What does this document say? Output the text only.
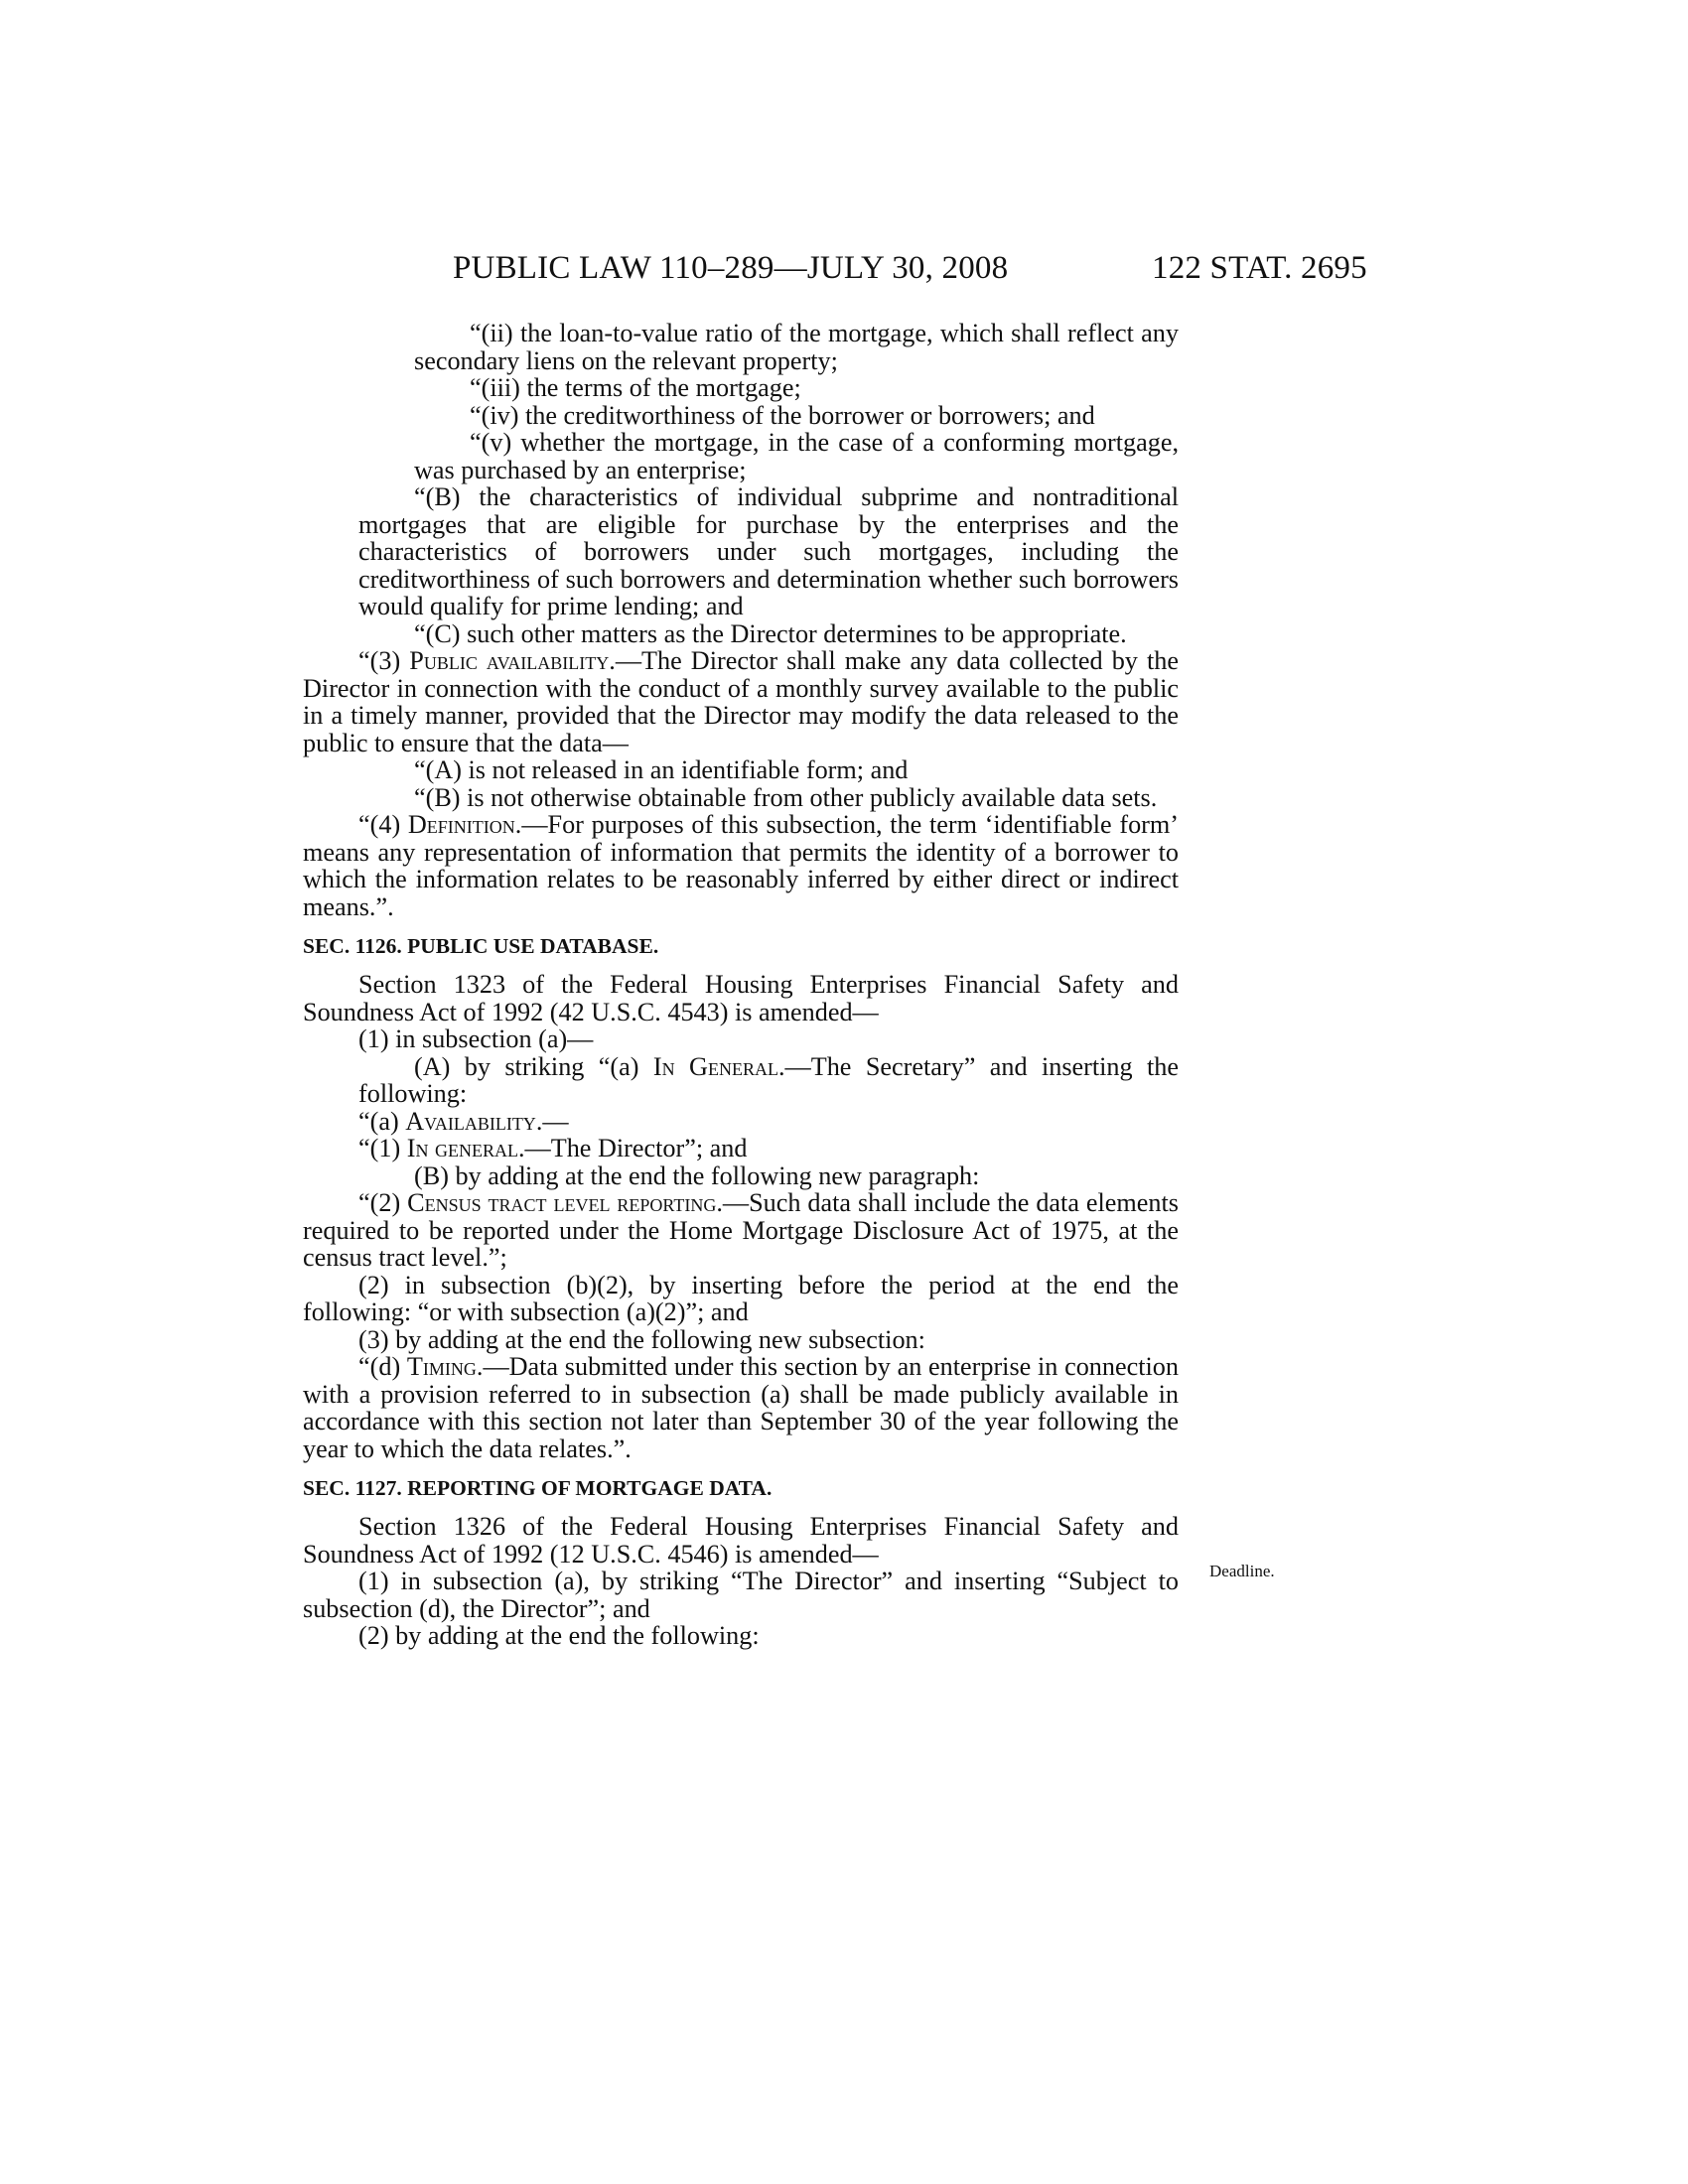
PUBLIC LAW 110–289—JULY 30, 2008	122 STAT. 2695

“(ii) the loan-to-value ratio of the mortgage, which shall reflect any secondary liens on the relevant property;

“(iii) the terms of the mortgage;

“(iv) the creditworthiness of the borrower or borrowers; and

“(v) whether the mortgage, in the case of a conforming mortgage, was purchased by an enterprise;

“(B) the characteristics of individual subprime and nontraditional mortgages that are eligible for purchase by the enterprises and the characteristics of borrowers under such mortgages, including the creditworthiness of such borrowers and determination whether such borrowers would qualify for prime lending; and

“(C) such other matters as the Director determines to be appropriate.

“(3) Public availability.—The Director shall make any data collected by the Director in connection with the conduct of a monthly survey available to the public in a timely manner, provided that the Director may modify the data released to the public to ensure that the data—

“(A) is not released in an identifiable form; and

“(B) is not otherwise obtainable from other publicly available data sets.

“(4) Definition.—For purposes of this subsection, the term ‘identifiable form’ means any representation of information that permits the identity of a borrower to which the information relates to be reasonably inferred by either direct or indirect means.”.

SEC. 1126. PUBLIC USE DATABASE.

Section 1323 of the Federal Housing Enterprises Financial Safety and Soundness Act of 1992 (42 U.S.C. 4543) is amended—

(1) in subsection (a)—

(A) by striking “(a) In General.—The Secretary” and inserting the following:

“(a) Availability.—

“(1) In general.—The Director”; and

(B) by adding at the end the following new paragraph:

“(2) Census tract level reporting.—Such data shall include the data elements required to be reported under the Home Mortgage Disclosure Act of 1975, at the census tract level.”;

(2) in subsection (b)(2), by inserting before the period at the end the following: “or with subsection (a)(2)”; and

(3) by adding at the end the following new subsection:

“(d) Timing.—Data submitted under this section by an enterprise in connection with a provision referred to in subsection (a) shall be made publicly available in accordance with this section not later than September 30 of the year following the year to which the data relates.”.

SEC. 1127. REPORTING OF MORTGAGE DATA.

Section 1326 of the Federal Housing Enterprises Financial Safety and Soundness Act of 1992 (12 U.S.C. 4546) is amended—

(1) in subsection (a), by striking “The Director” and inserting “Subject to subsection (d), the Director”; and

(2) by adding at the end the following:

Deadline.
